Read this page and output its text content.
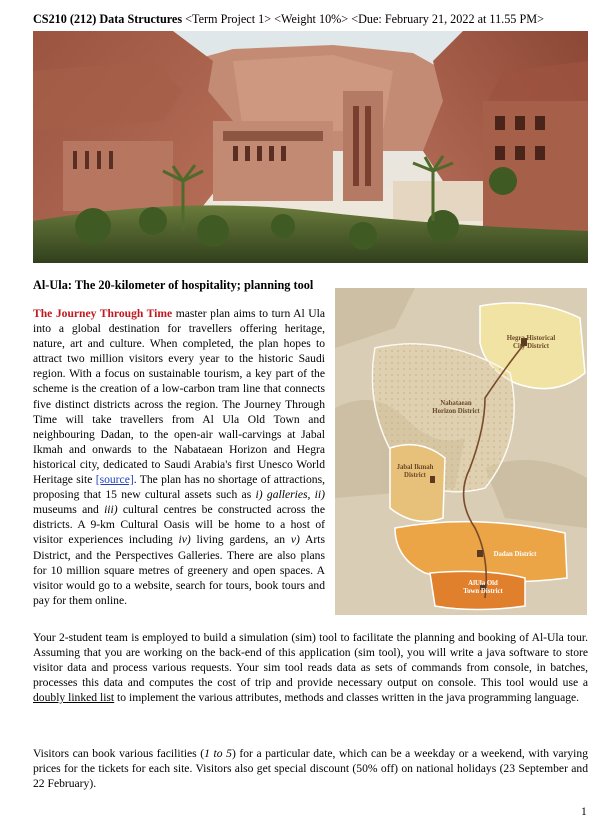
CS210 (212) Data Structures <Term Project 1> <Weight 10%> <Due: February 21, 2022 at 11.55 PM>
Al-Ula: The 20-kilometer of hospitality; planning tool
The Journey Through Time master plan aims to turn Al Ula into a global destination for travellers offering heritage, nature, art and culture. When completed, the plan hopes to attract two million visitors every year to the historic Saudi region. With a focus on sustainable tourism, a key part of the scheme is the creation of a low-carbon tram line that connects five distinct districts across the region. The Journey Through Time will take travellers from Al Ula Old Town and neighbouring Dadan, to the open-air wall-carvings at Jabal Ikmah and onwards to the Nabataean Horizon and Hegra historical city, dedicated to Saudi Arabia's first Unesco World Heritage site [source]. The plan has no shortage of attractions, proposing that 15 new cultural assets such as i) galleries, ii) museums and iii) cultural centres be constructed across the districts. A 9-km Cultural Oasis will be home to a host of visitor experiences including iv) living gardens, an v) Arts District, and the Perspectives Galleries. There are also plans for 10 million square metres of greenery and open spaces. A visitor would go to a website, search for tours, book tours and pay for them online.
Hegra Historical
City District
Nabataean
Horizon District
Jabal Ikmah
District
Dadan District
AlUla Old
Town District
Your 2-student team is employed to build a simulation (sim) tool to facilitate the planning and booking of Al-Ula tour. Assuming that you are working on the back-end of this application (sim tool), you will write a java software to store visitor data and process various requests. Your sim tool reads data as sets of commands from console, in batches, processes this data and computes the cost of trip and provide necessary output on console. This tool would use a doubly linked list to implement the various attributes, methods and classes written in the java programming language.
Visitors can book various facilities (1 to 5) for a particular date, which can be a weekday or a weekend, with varying prices for the tickets for each site. Visitors also get special discount (50% off) on national holidays (23 September and 22 February).
1
